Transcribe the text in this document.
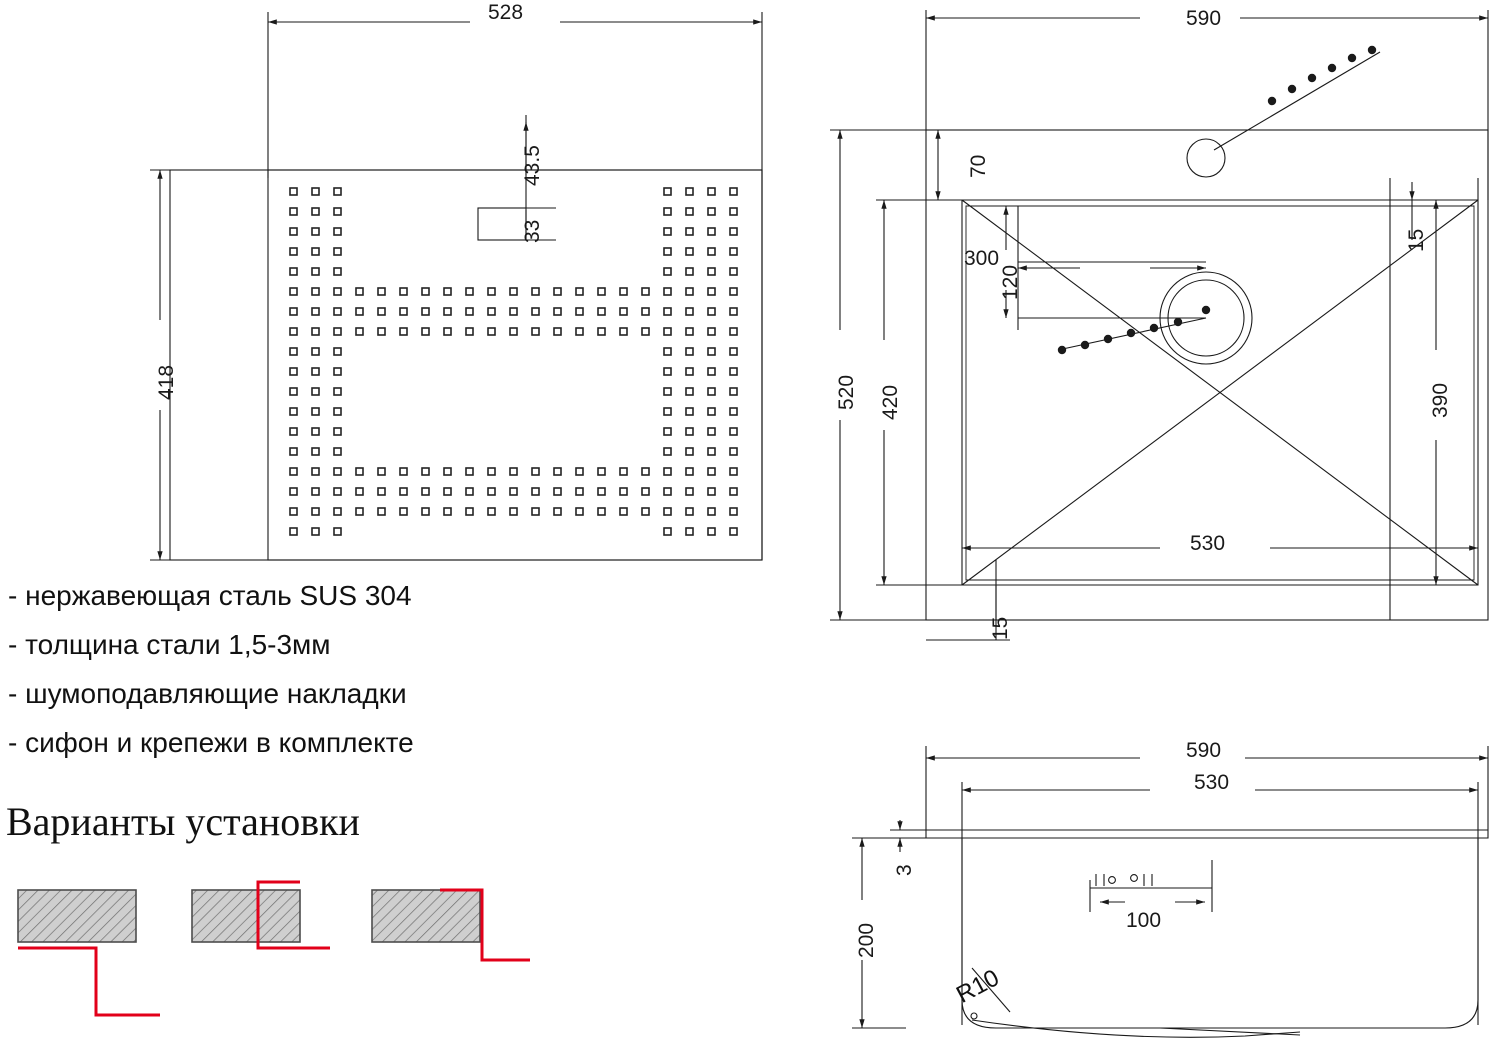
528
418
43.5
33
590
520 420
70
15
15
300
120
530
390
590
530
3
200
100
R10
- нержавеющая сталь SUS 304
- толщина стали 1,5-3мм
- шумоподавляющие накладки
- сифон и крепежи в комплекте
Варианты установки
